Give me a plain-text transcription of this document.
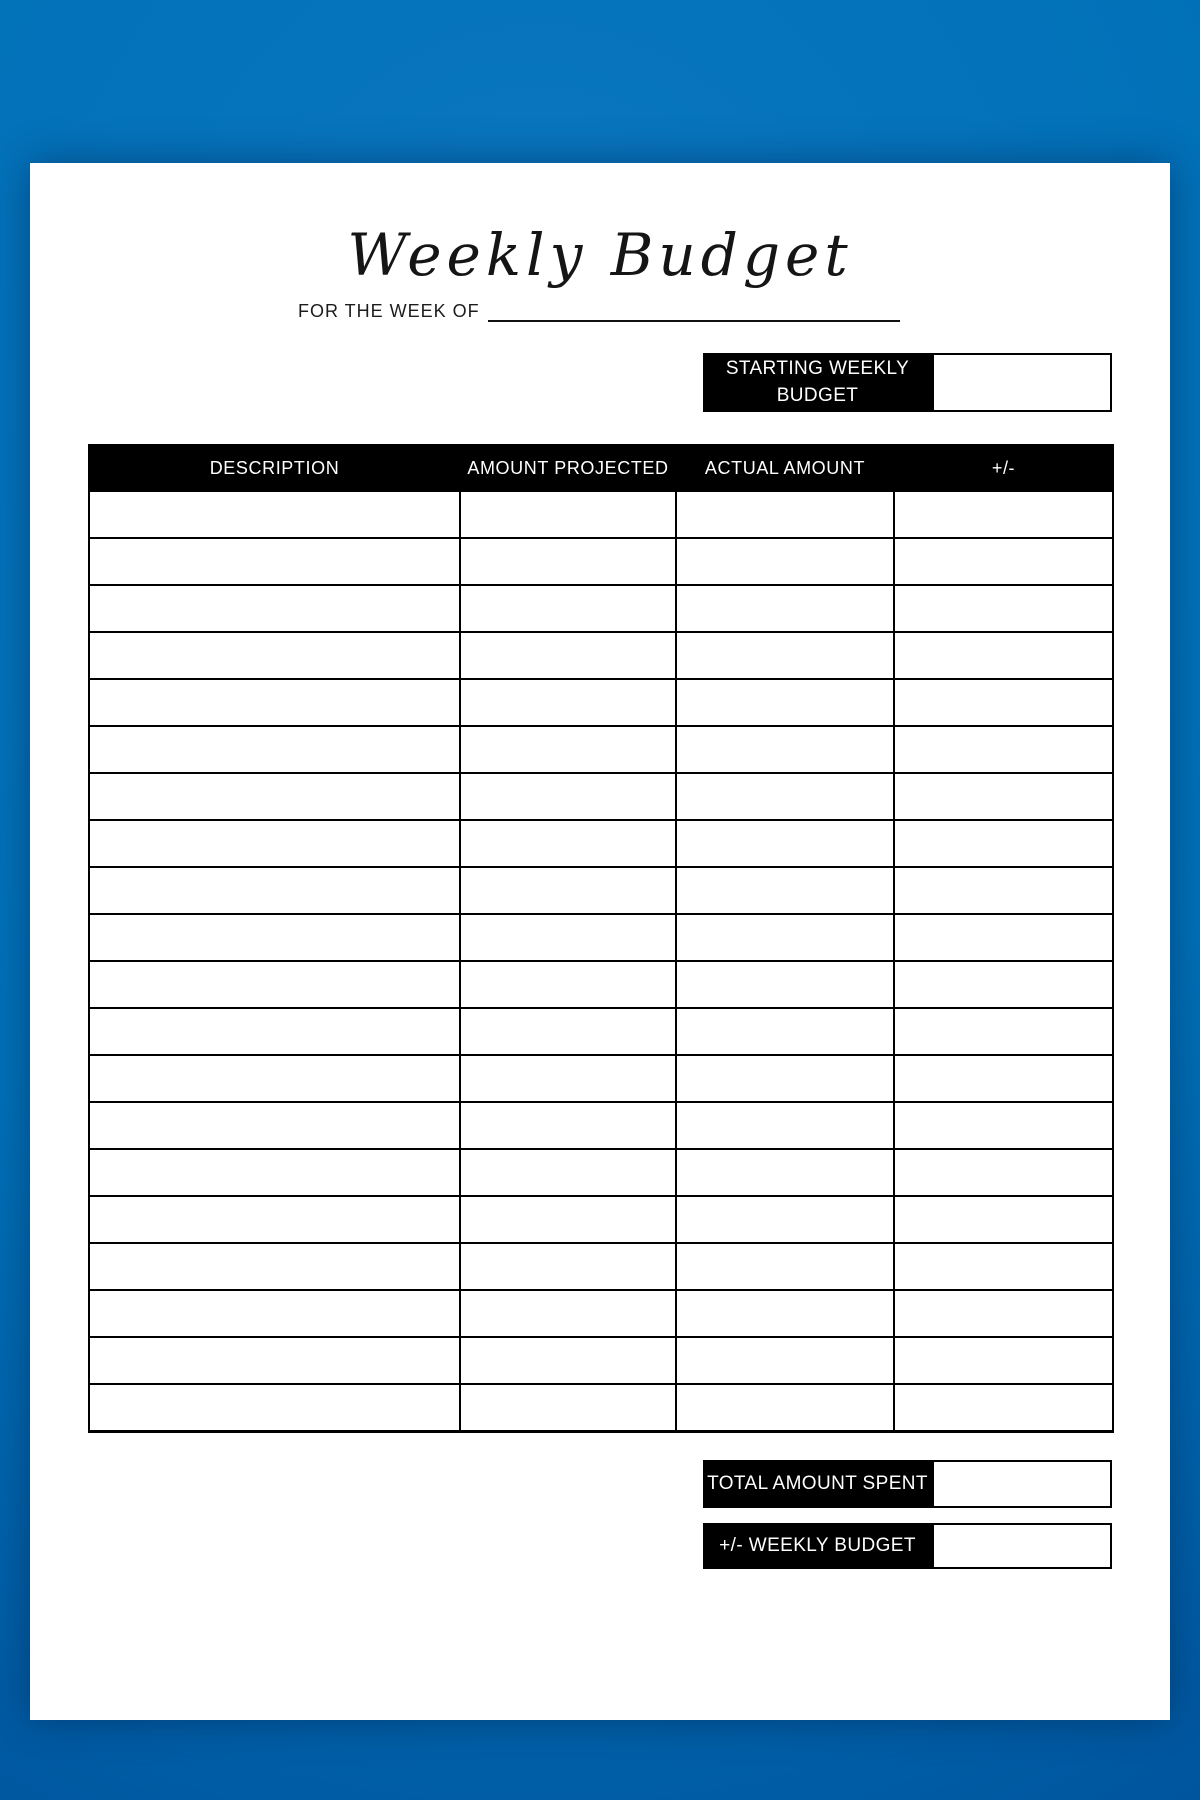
Weekly Budget
FOR THE WEEK OF
STARTING WEEKLY
BUDGET
DESCRIPTION	AMOUNT PROJECTED	ACTUAL AMOUNT	+/-

TOTAL AMOUNT SPENT
+/- WEEKLY BUDGET
